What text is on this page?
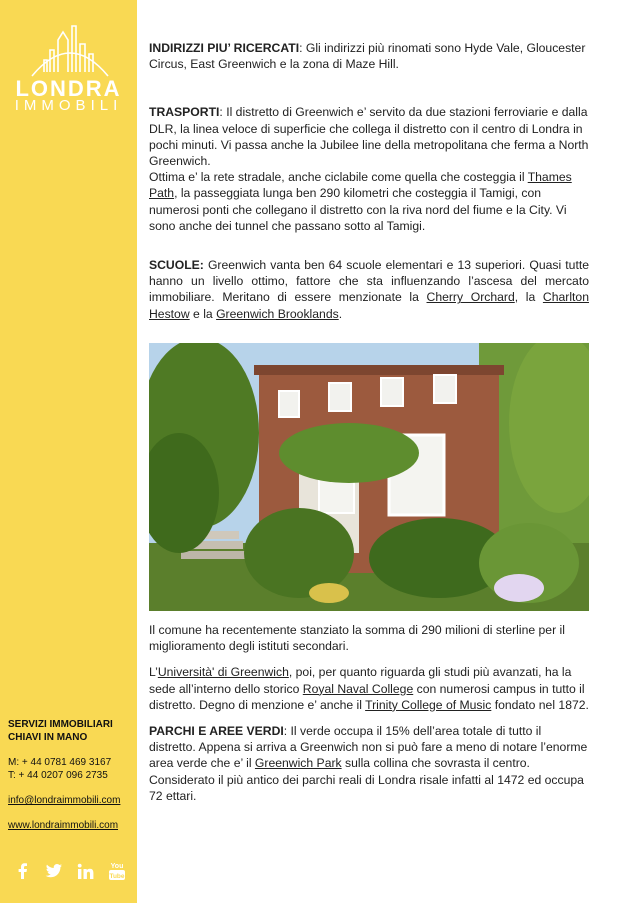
LONDRA
IMMOBILI
SERVIZI IMMOBILIARI
CHIAVI IN MANO
M: + 44 0781 469 3167
T: + 44 0207 096 2735
info@londraimmobili.com
www.londraimmobili.com
You
Tube

INDIRIZZI PIU’ RICERCATI: Gli indirizzi più rinomati sono Hyde Vale, Gloucester Circus, East Greenwich e la zona di Maze Hill.

TRASPORTI: Il distretto di Greenwich e’ servito da due stazioni ferroviarie e dalla DLR, la linea veloce di superficie che collega il distretto con il centro di Londra in pochi minuti. Vi passa anche la Jubilee line della metropolitana che ferma a North Greenwich.
Ottima e’ la rete stradale, anche ciclabile come quella che costeggia il Thames Path, la passeggiata lunga ben 290 kilometri che costeggia il Tamigi, con numerosi ponti che collegano il distretto con la riva nord del fiume e la City. Vi sono anche dei tunnel che passano sotto al Tamigi.

SCUOLE: Greenwich vanta ben 64 scuole elementari e 13 superiori. Quasi tutte hanno un livello ottimo, fattore che sta influenzando l’ascesa del mercato immobiliare. Meritano di essere menzionate la Cherry Orchard, la Charlton Hestow e la Greenwich Brooklands.

Il comune ha recentemente stanziato la somma di 290 milioni di sterline per il miglioramento degli istituti secondari.

L’Università' di Greenwich, poi, per quanto riguarda gli studi più avanzati, ha la sede all’interno dello storico Royal Naval College con numerosi campus in tutto il distretto. Degno di menzione e’ anche il Trinity College of Music fondato nel 1872.

PARCHI E AREE VERDI: Il verde occupa il 15% dell’area totale di tutto il distretto. Appena si arriva a Greenwich non si può fare a meno di notare l’enorme area verde che e’ il Greenwich Park sulla collina che sovrasta il centro. Considerato il più antico dei parchi reali di Londra risale infatti al 1472 ed occupa 72 ettari.
